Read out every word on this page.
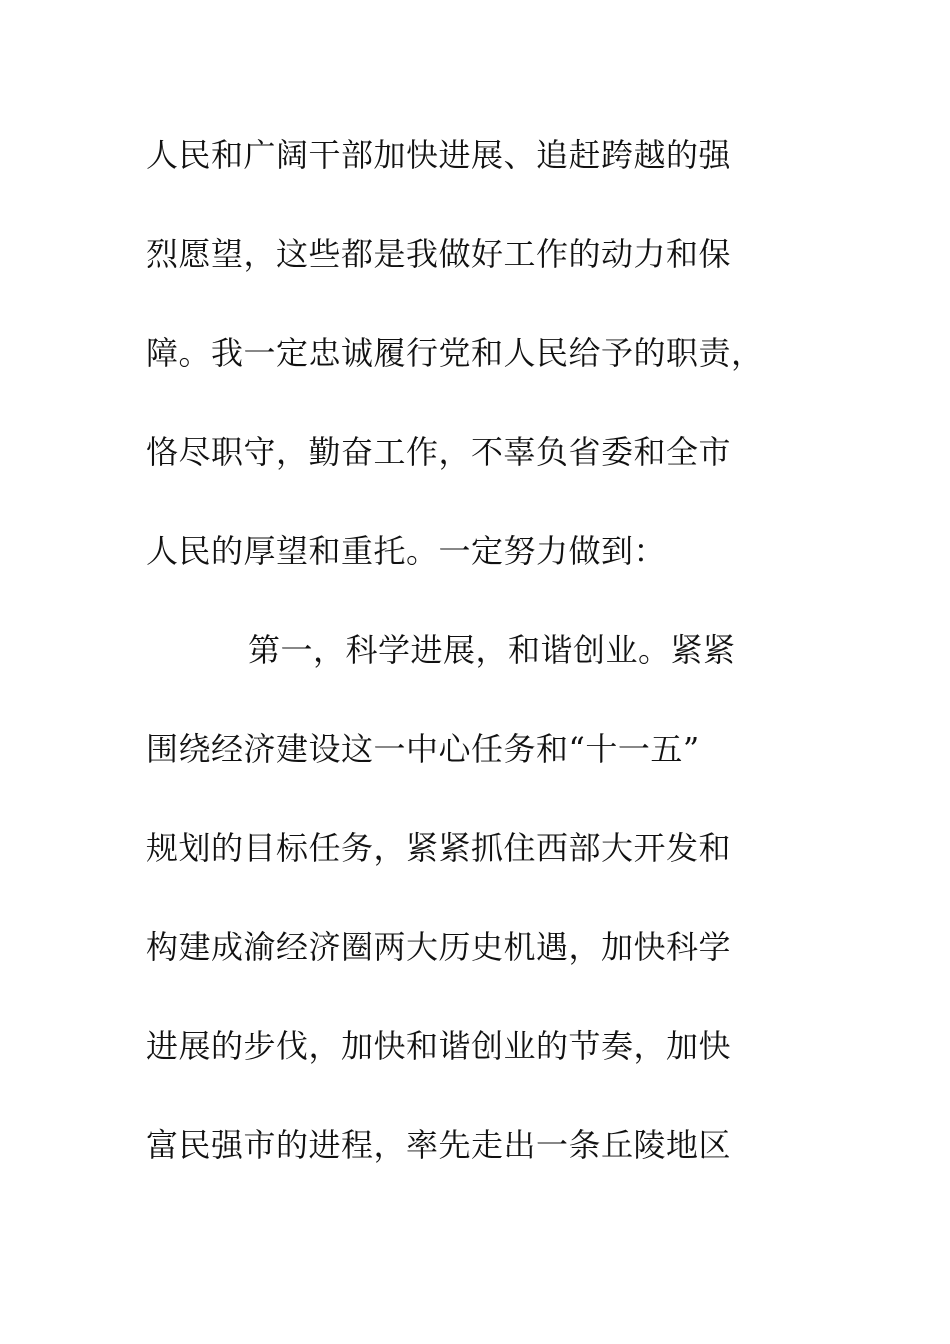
人民和广阔干部加快进展、追赶跨越的强
烈愿望，这些都是我做好工作的动力和保
障。我一定忠诚履行党和人民给予的职责，
恪尽职守，勤奋工作，不辜负省委和全市
人民的厚望和重托。一定努力做到：
第一，科学进展，和谐创业。紧紧
围绕经济建设这一中心任务和“十一五”
规划的目标任务，紧紧抓住西部大开发和
构建成渝经济圈两大历史机遇，加快科学
进展的步伐，加快和谐创业的节奏，加快
富民强市的进程，率先走出一条丘陵地区
